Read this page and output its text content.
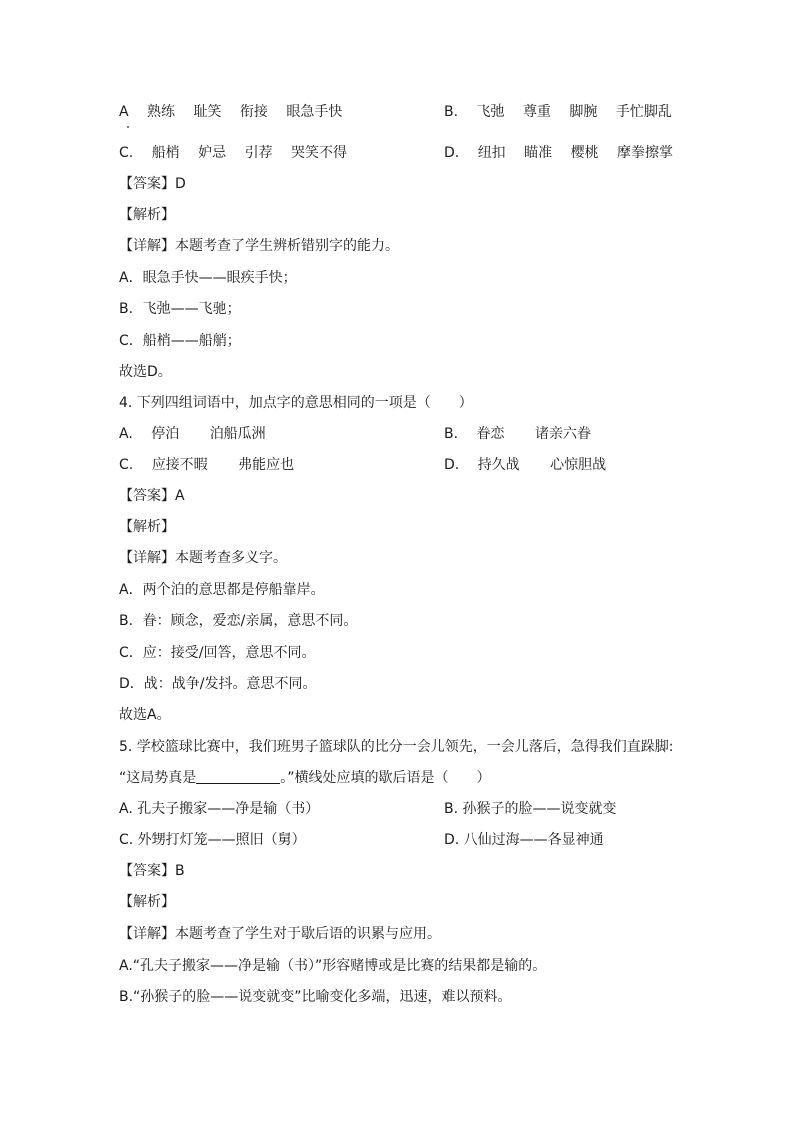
A 熟练 耻笑 衔接 眼急手快	B. 飞弛 尊重 脚腕 手忙脚乱
C. 船梢 妒忌 引荐 哭笑不得	D. 纽扣 瞄准 樱桃 摩拳擦掌
【答案】D
【解析】
【详解】本题考查了学生辨析错别字的能力。
A．眼急手快——眼疾手快；
B．飞弛——飞驰；
C．船梢——船艄；
故选D。
4. 下列四组词语中，加点字的意思相同的一项是（　　）
A. 停泊 泊船瓜洲	B. 眷恋 诸亲六眷
C. 应接不暇 弗能应也	D. 持久战 心惊胆战
【答案】A
【解析】
【详解】本题考查多义字。
A．两个泊的意思都是停船靠岸。
B．眷：顾念，爱恋/亲属，意思不同。
C．应：接受/回答，意思不同。
D．战：战争/发抖。意思不同。
故选A。
5. 学校篮球比赛中，我们班男子篮球队的比分一会儿领先，一会儿落后，急得我们直跺脚:
“这局势真是	。”横线处应填的歇后语是（　　）
A. 孔夫子搬家——净是输（书）	B. 孙猴子的脸——说变就变
C. 外甥打灯笼——照旧（舅）	D. 八仙过海——各显神通
【答案】B
【解析】
【详解】本题考查了学生对于歇后语的识累与应用。
A.“孔夫子搬家——净是输（书）”形容赌博或是比赛的结果都是输的。
B.“孙猴子的脸——说变就变”比喻变化多端，迅速，难以预料。
